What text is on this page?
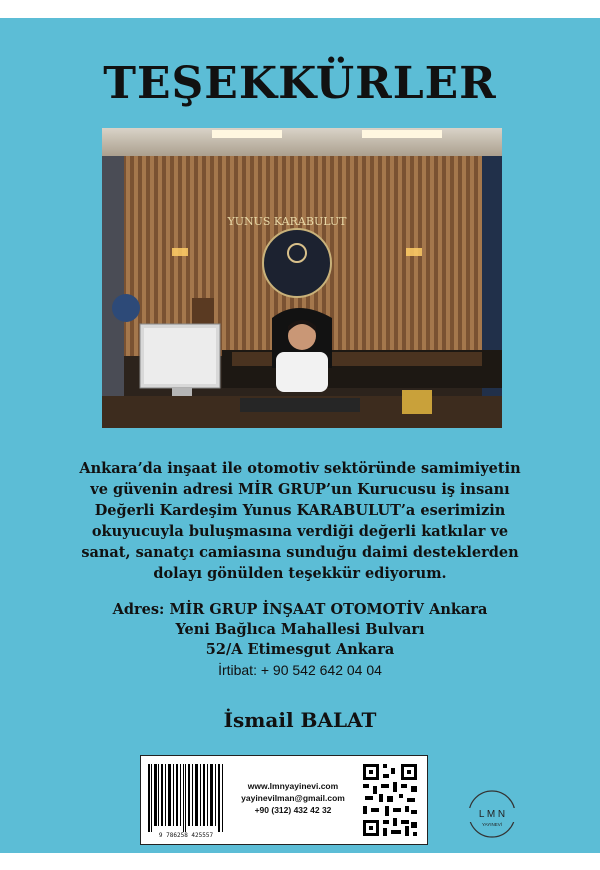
TEŞEKKÜRLER
YUNUS KARABULUT

Ankara’da inşaat ile otomotiv sektöründe samimiyetin

ve güvenin adresi MİR GRUP’un Kurucusu iş insanı

Değerli Kardeşim Yunus KARABULUT’a eserimizin

okuyucuyla buluşmasına verdiği değerli katkılar ve

sanat, sanatçı camiasına sunduğu daimi desteklerden

dolayı gönülden teşekkür ediyorum.

Adres: MİR GRUP İNŞAAT OTOMOTİV Ankara

Yeni Bağlıca Mahallesi Bulvarı

52/A Etimesgut Ankara

İrtibat: + 90 542 642 04 04

İsmail BALAT
9 786258 425557

www.lmnyayinevi.com

yayinevilman@gmail.com

+90 (312) 432 42 32	L M N
YAYINEVİ
